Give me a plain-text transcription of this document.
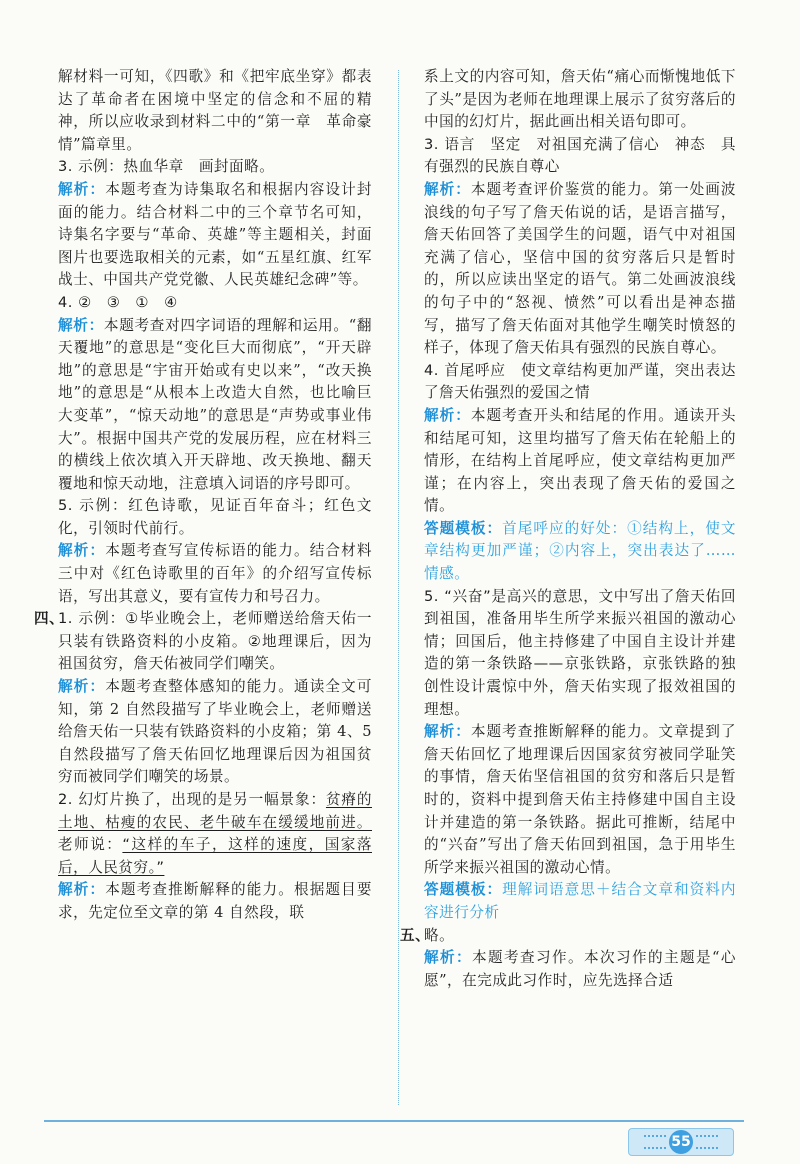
解材料一可知，《四歌》和《把牢底坐穿》都表达了革命者在困境中坚定的信念和不屈的精神，所以应收录到材料二中的“第一章　革命豪情”篇章里。

3. 示例：热血华章　画封面略。

解析：本题考查为诗集取名和根据内容设计封面的能力。结合材料二中的三个章节名可知，诗集名字要与“革命、英雄”等主题相关，封面图片也要选取相关的元素，如“五星红旗、红军战士、中国共产党党徽、人民英雄纪念碑”等。

4. ②　③　①　④

解析：本题考查对四字词语的理解和运用。“翻天覆地”的意思是“变化巨大而彻底”，“开天辟地”的意思是“宇宙开始或有史以来”，“改天换地”的意思是“从根本上改造大自然，也比喻巨大变革”，“惊天动地”的意思是“声势或事业伟大”。根据中国共产党的发展历程，应在材料三的横线上依次填入开天辟地、改天换地、翻天覆地和惊天动地，注意填入词语的序号即可。

5. 示例：红色诗歌，见证百年奋斗；红色文化，引领时代前行。

解析：本题考查写宣传标语的能力。结合材料三中对《红色诗歌里的百年》的介绍写宣传标语，写出其意义，要有宣传力和号召力。

四、

1. 示例：①毕业晚会上，老师赠送给詹天佑一只装有铁路资料的小皮箱。②地理课后，因为祖国贫穷，詹天佑被同学们嘲笑。

解析：本题考查整体感知的能力。通读全文可知，第 2 自然段描写了毕业晚会上，老师赠送给詹天佑一只装有铁路资料的小皮箱；第 4、5 自然段描写了詹天佑回忆地理课后因为祖国贫穷而被同学们嘲笑的场景。

2. 幻灯片换了，出现的是另一幅景象：贫瘠的土地、枯瘦的农民、老牛破车在缓缓地前进。老师说：“这样的车子，这样的速度，国家落后，人民贫穷。”

解析：本题考查推断解释的能力。根据题目要求，先定位至文章的第 4 自然段，联

系上文的内容可知，詹天佑“痛心而惭愧地低下了头”是因为老师在地理课上展示了贫穷落后的中国的幻灯片，据此画出相关语句即可。

3. 语言　坚定　对祖国充满了信心　神态　具有强烈的民族自尊心

解析：本题考查评价鉴赏的能力。第一处画波浪线的句子写了詹天佑说的话，是语言描写，詹天佑回答了美国学生的问题，语气中对祖国充满了信心，坚信中国的贫穷落后只是暂时的，所以应读出坚定的语气。第二处画波浪线的句子中的“怒视、愤然”可以看出是神态描写，描写了詹天佑面对其他学生嘲笑时愤怒的样子，体现了詹天佑具有强烈的民族自尊心。

4. 首尾呼应　使文章结构更加严谨，突出表达了詹天佑强烈的爱国之情

解析：本题考查开头和结尾的作用。通读开头和结尾可知，这里均描写了詹天佑在轮船上的情形，在结构上首尾呼应，使文章结构更加严谨；在内容上，突出表现了詹天佑的爱国之情。

答题模板：首尾呼应的好处：①结构上，使文章结构更加严谨；②内容上，突出表达了……情感。

5. “兴奋”是高兴的意思，文中写出了詹天佑回到祖国，准备用毕生所学来振兴祖国的激动心情；回国后，他主持修建了中国自主设计并建造的第一条铁路——京张铁路，京张铁路的独创性设计震惊中外，詹天佑实现了报效祖国的理想。

解析：本题考查推断解释的能力。文章提到了詹天佑回忆了地理课后因国家贫穷被同学耻笑的事情，詹天佑坚信祖国的贫穷和落后只是暂时的，资料中提到詹天佑主持修建中国自主设计并建造的第一条铁路。据此可推断，结尾中的“兴奋”写出了詹天佑回到祖国，急于用毕生所学来振兴祖国的激动心情。

答题模板：理解词语意思＋结合文章和资料内容进行分析

五、

略。

解析：本题考查习作。本次习作的主题是“心愿”，在完成此习作时，应先选择合适

55
